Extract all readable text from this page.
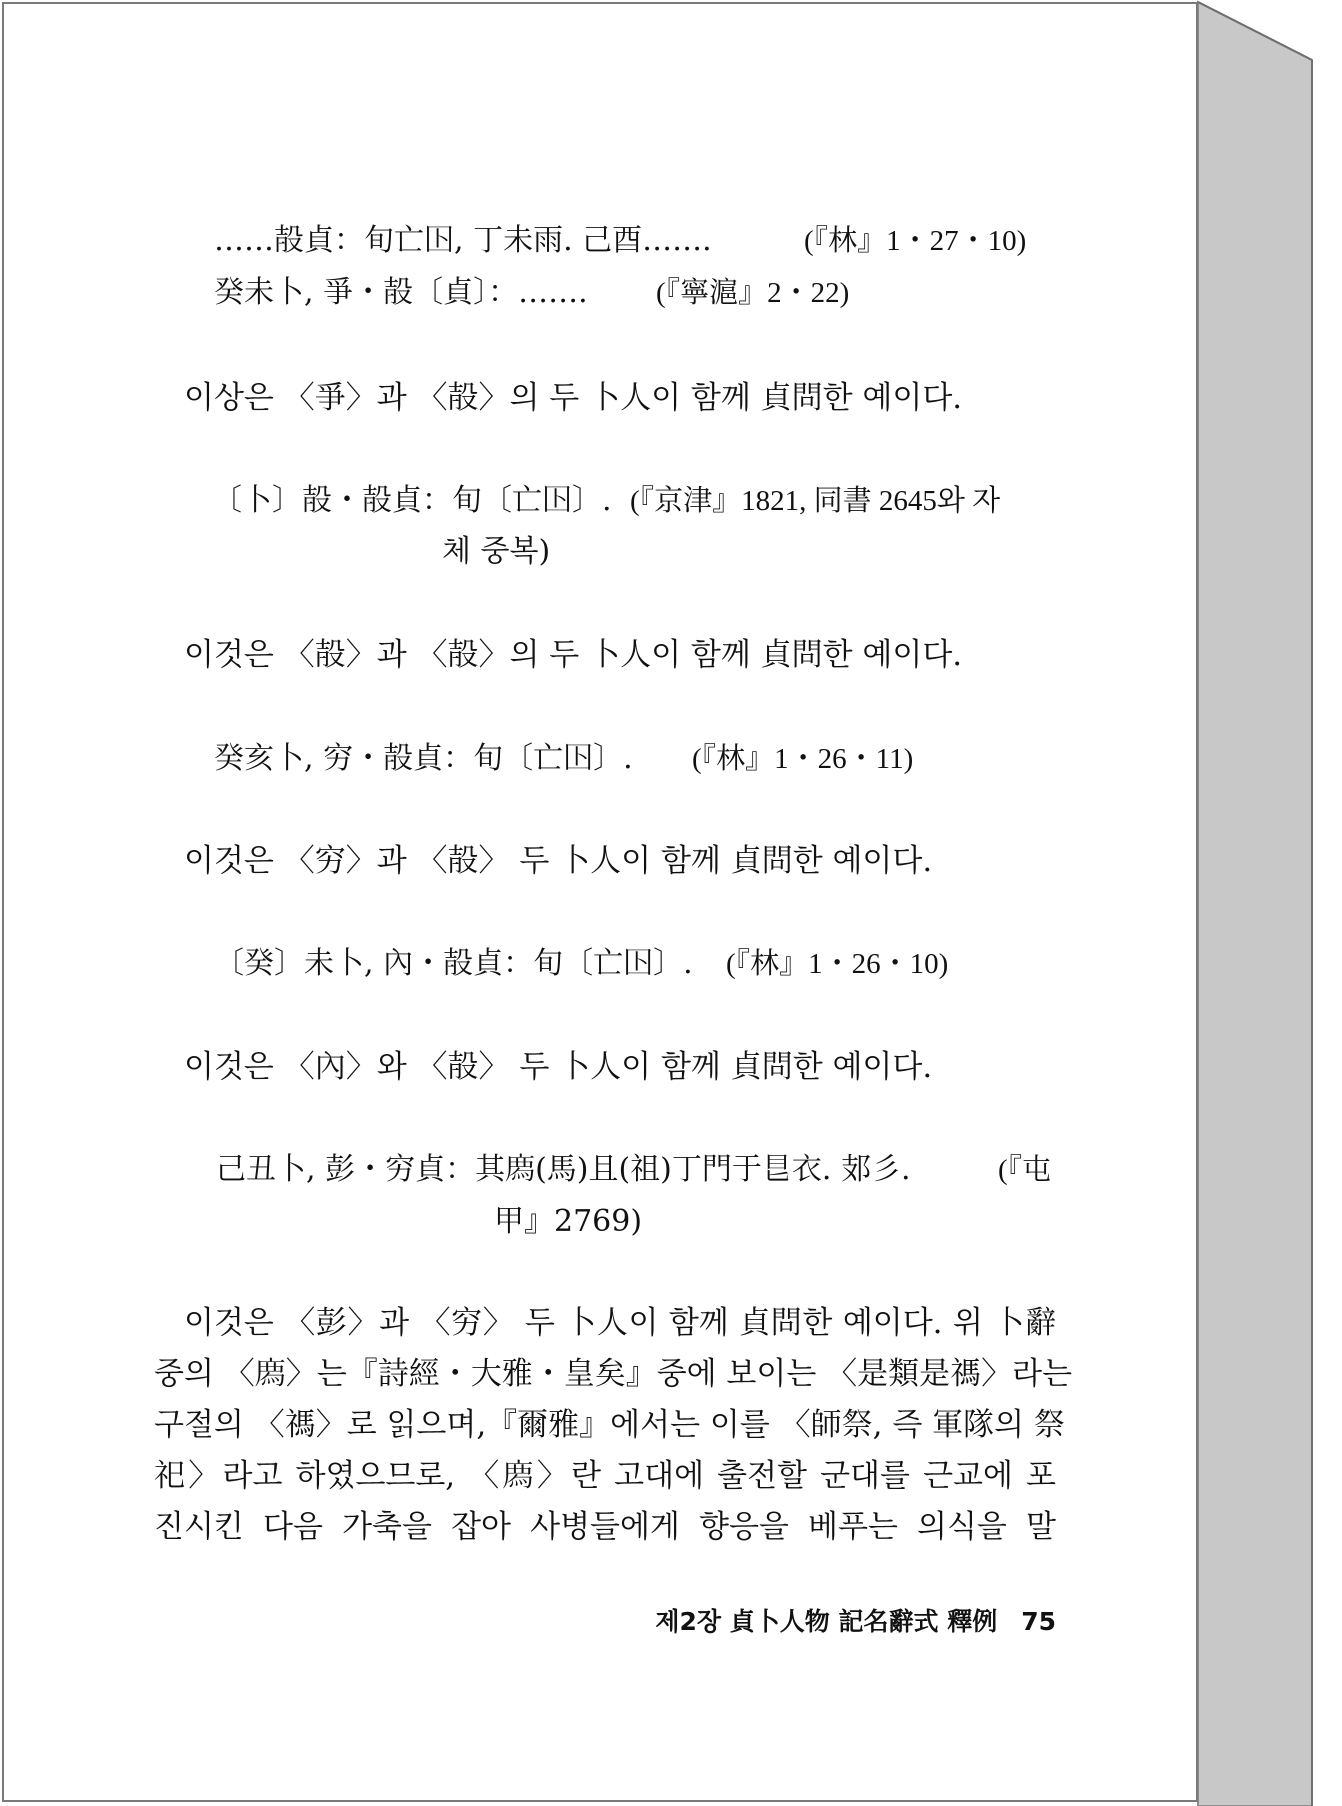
……㱿貞：旬亡𡆥, 丁未雨. 己酉…….	(『林』1・27・10)
癸未卜, 爭・㱿〔貞〕：……. (『寧滬』2・22)
이상은 〈爭〉과 〈㱿〉의 두 卜人이 함께 貞問한 예이다.
〔卜〕㱿・㱿貞：旬〔亡𡆥〕. (『京津』1821, 同書 2645와 자
체 중복)
이것은 〈㱿〉과 〈㱿〉의 두 卜人이 함께 貞問한 예이다.
癸亥卜, 穷・㱿貞：旬〔亡𡆥〕. (『林』1・26・11)
이것은 〈穷〉과 〈㱿〉 두 卜人이 함께 貞問한 예이다.
〔癸〕未卜, 內・㱿貞：旬〔亡𡆥〕. (『林』1・26・10)
이것은 〈內〉와 〈㱿〉 두 卜人이 함께 貞問한 예이다.
己丑卜, 彭・穷貞：其𢊁(馬)且(祖)丁門于𥃩衣. 𨙸彡.	(『屯
甲』2769)
이것은 〈彭〉과 〈穷〉 두 卜人이 함께 貞問한 예이다. 위 卜辭
중의 〈𢊁〉는『詩經・大雅・皇矣』중에 보이는 〈是類是禡〉라는
구절의 〈禡〉로 읽으며,『爾雅』에서는 이를 〈師祭, 즉 軍隊의 祭
祀〉라고 하였으므로, 〈𢊁〉란 고대에 출전할 군대를 근교에 포
진시킨 다음 가축을 잡아 사병들에게 향응을 베푸는 의식을 말
제2장 貞卜人物 記名辭式 釋例 75
